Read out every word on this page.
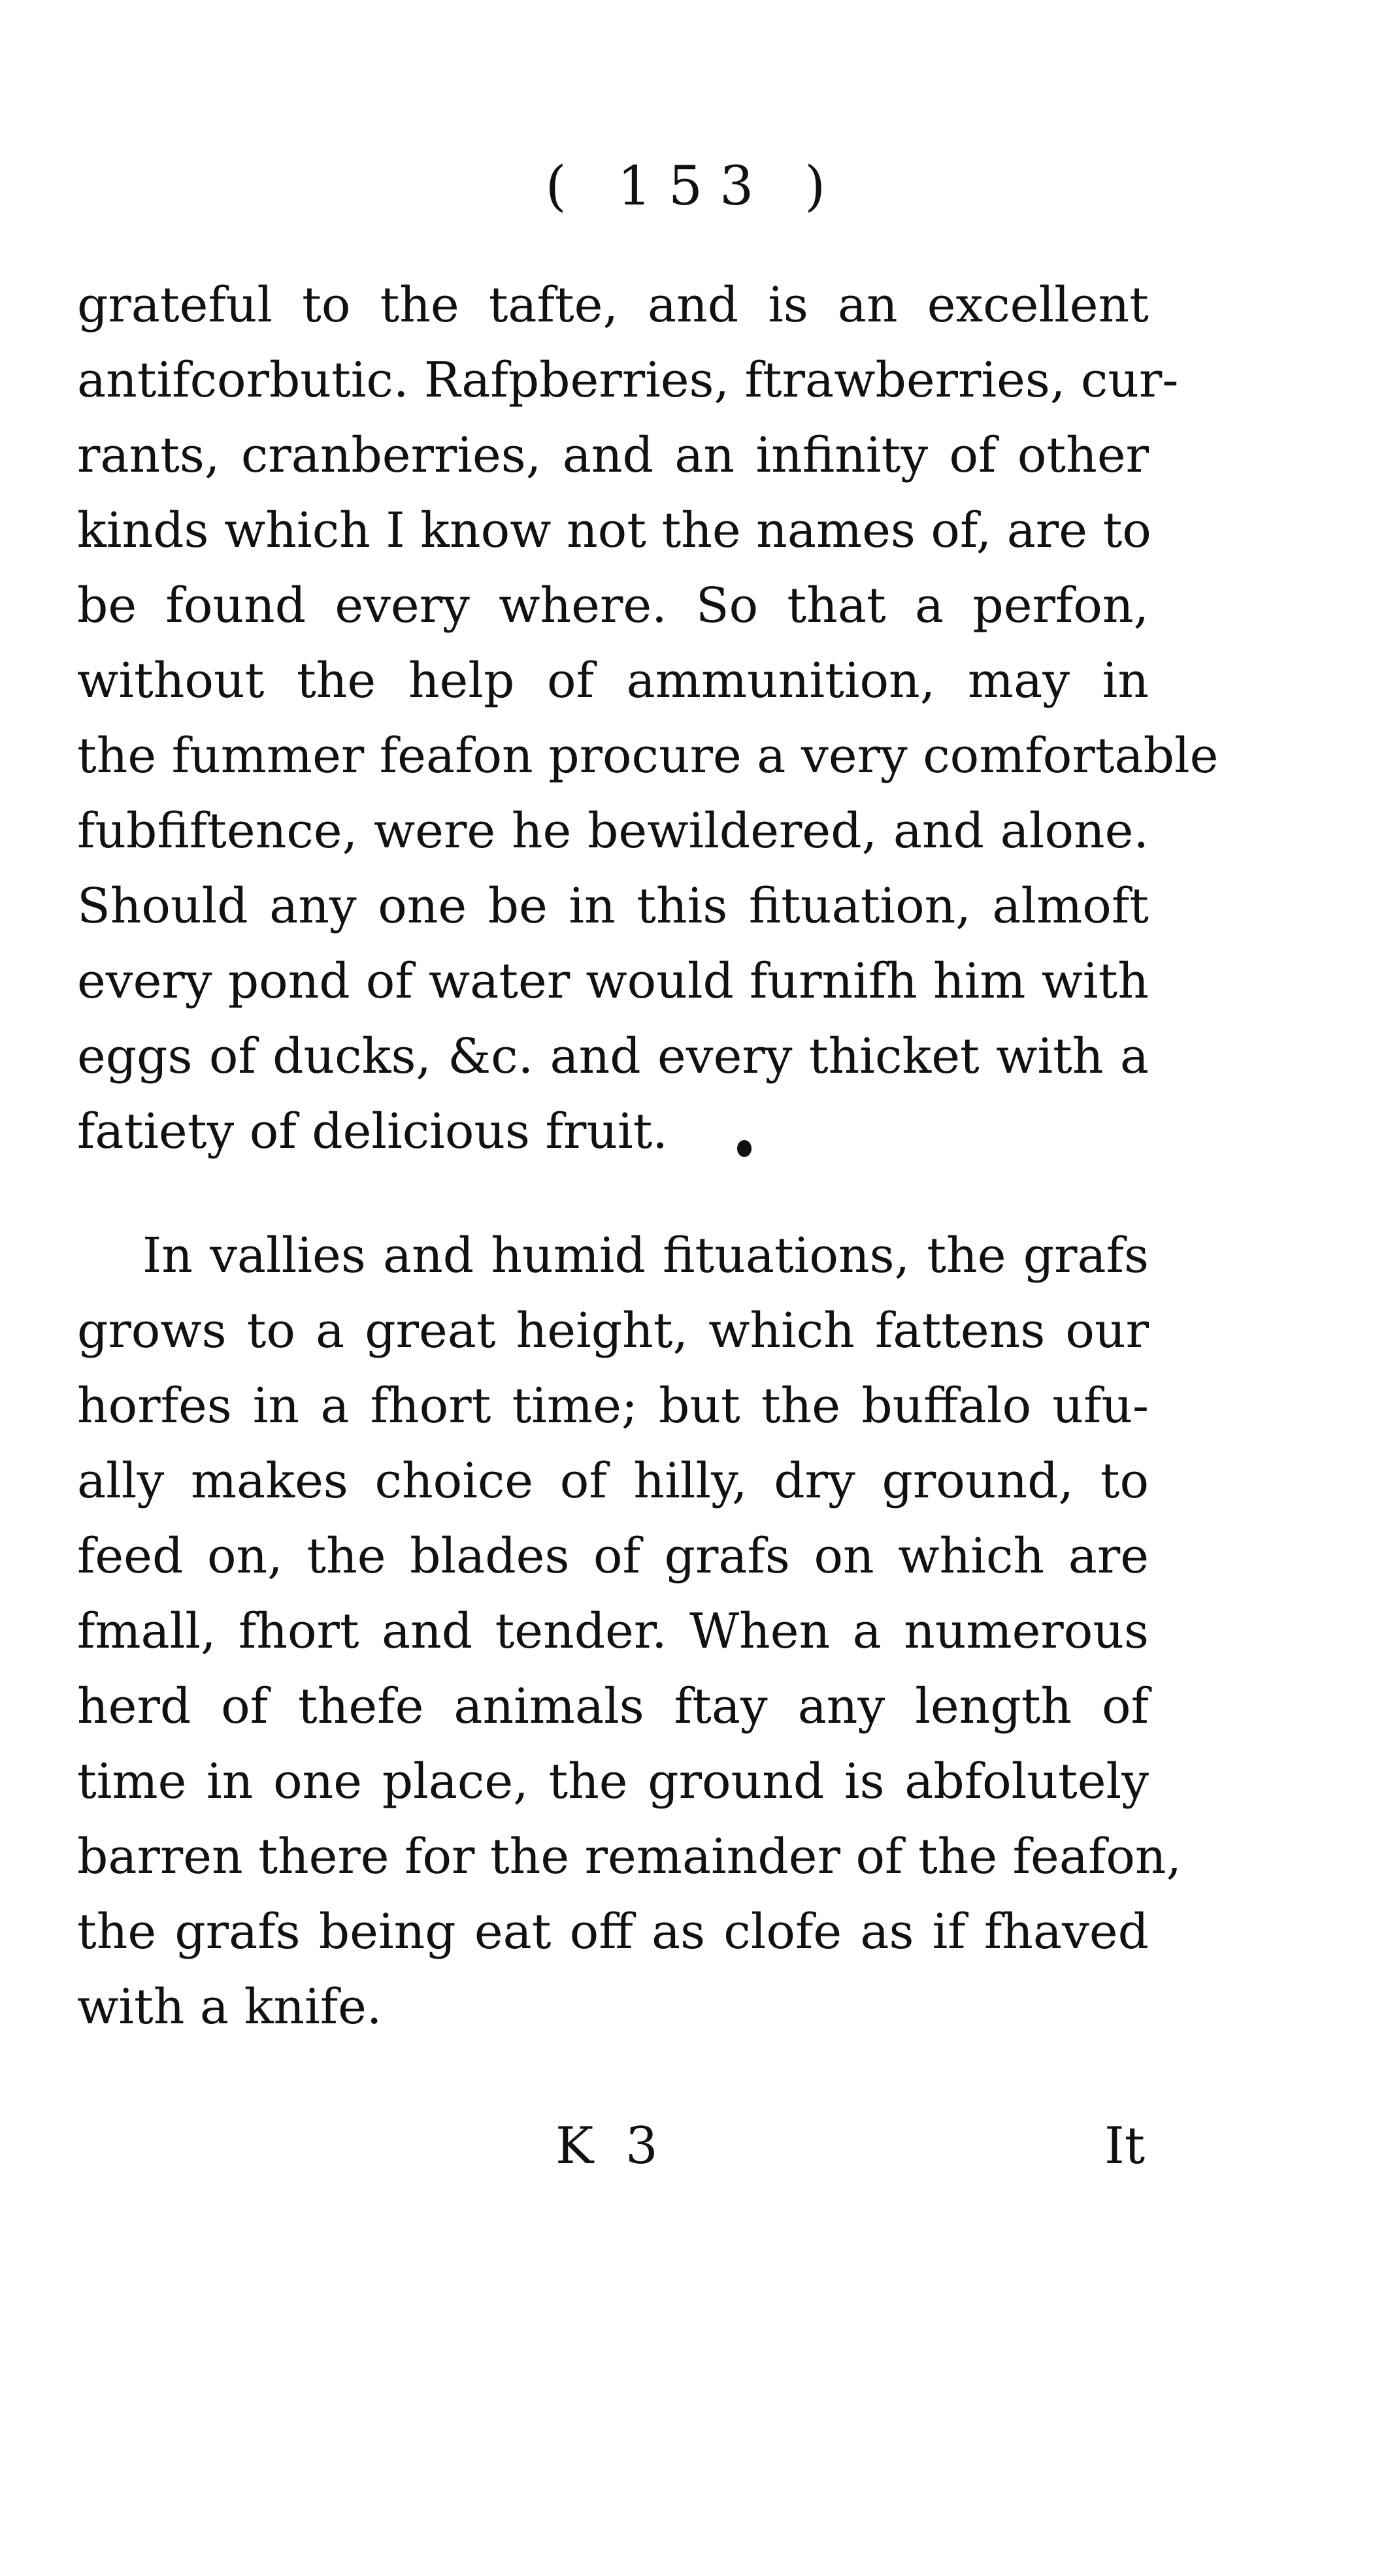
( 153 )
grateful to the tafte, and is an excellent
antifcorbutic. Rafpberries, ftrawberries, cur-
rants, cranberries, and an infinity of other
kinds which I know not the names of, are to
be found every where. So that a perfon,
without the help of ammunition, may in
the fummer feafon procure a very comfortable
fubfiftence, were he bewildered, and alone.
Should any one be in this fituation, almoft
every pond of water would furnifh him with
eggs of ducks, &c. and every thicket with a
fatiety of delicious fruit.
In vallies and humid fituations, the grafs
grows to a great height, which fattens our
horfes in a fhort time; but the buffalo ufu-
ally makes choice of hilly, dry ground, to
feed on, the blades of grafs on which are
fmall, fhort and tender. When a numerous
herd of thefe animals ftay any length of
time in one place, the ground is abfolutely
barren there for the remainder of the feafon,
the grafs being eat off as clofe as if fhaved
with a knife.
K 3	It
